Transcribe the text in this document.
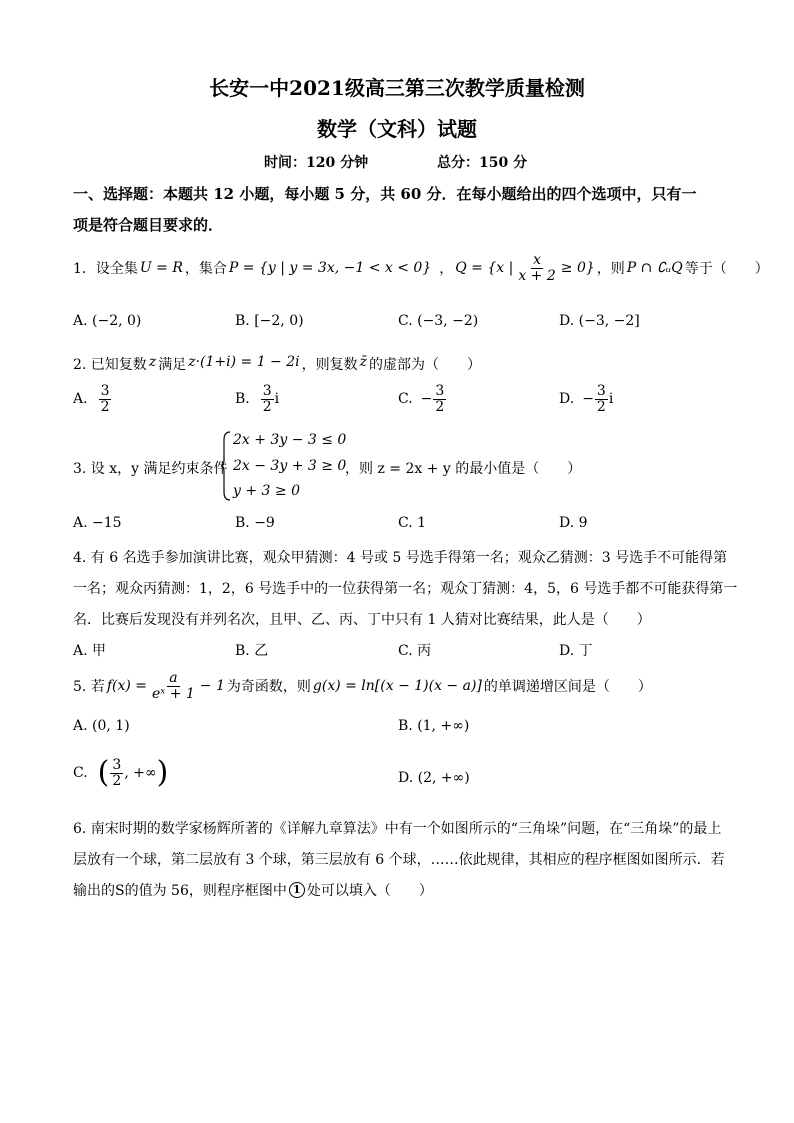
长安一中2021级高三第三次教学质量检测
数学（文科）试题
时间：120 分钟	总分：150 分
一、选择题：本题共 12 小题，每小题 5 分，共 60 分．在每小题给出的四个选项中，只有一
项是符合题目要求的．
1．设全集 U = R ，集合 P = {y | y = 3x, −1 < x < 0} ， Q = {x | $\frac{x}{x + 2} \ge 0$} ，则 P ∩ ∁ᵤQ 等于（　　）
A. (−2, 0)	B. [−2, 0)	C. (−3, −2)	D. (−3, −2]
2. 已知复数 z 满足 z·(1+i) = 1 − 2i ，则复数 z̄ 的虚部为（　　）
A. $\frac{3}{2}$	B. $\frac{3}{2}$ i	C. − $\frac{3}{2}$	D. − $\frac{3}{2}$ i
3. 设 x，y 满足约束条件
2x + 3y − 3 ≤ 0
2x − 3y + 3 ≥ 0
y + 3 ≥ 0
，则 z = 2x + y 的最小值是（　　）
A. −15	B. −9	C. 1	D. 9
4. 有 6 名选手参加演讲比赛，观众甲猜测：4 号或 5 号选手得第一名；观众乙猜测：3 号选手不可能得第
一名；观众丙猜测：1，2，6 号选手中的一位获得第一名；观众丁猜测：4，5，6 号选手都不可能获得第一
名．比赛后发现没有并列名次，且甲、乙、丙、丁中只有 1 人猜对比赛结果，此人是（　　）
A. 甲	B. 乙	C. 丙	D. 丁
5. 若 $f(x) = \frac{a}{\text{eˣ + 1}} - 1$ 为奇函数，则 g(x) = ln[(x − 1)(x − a)] 的单调递增区间是（　　）
A. (0, 1)	B. (1, +∞)
C. ( $\frac{3}{2}$ , +∞ )	D. (2, +∞)
6. 南宋时期的数学家杨辉所著的《详解九章算法》中有一个如图所示的“三角垛”问题，在“三角垛”的最上
层放有一个球，第二层放有 3 个球，第三层放有 6 个球，……依此规律，其相应的程序框图如图所示．若
输出的S的值为 56，则程序框图中 1 处可以填入（　　）
